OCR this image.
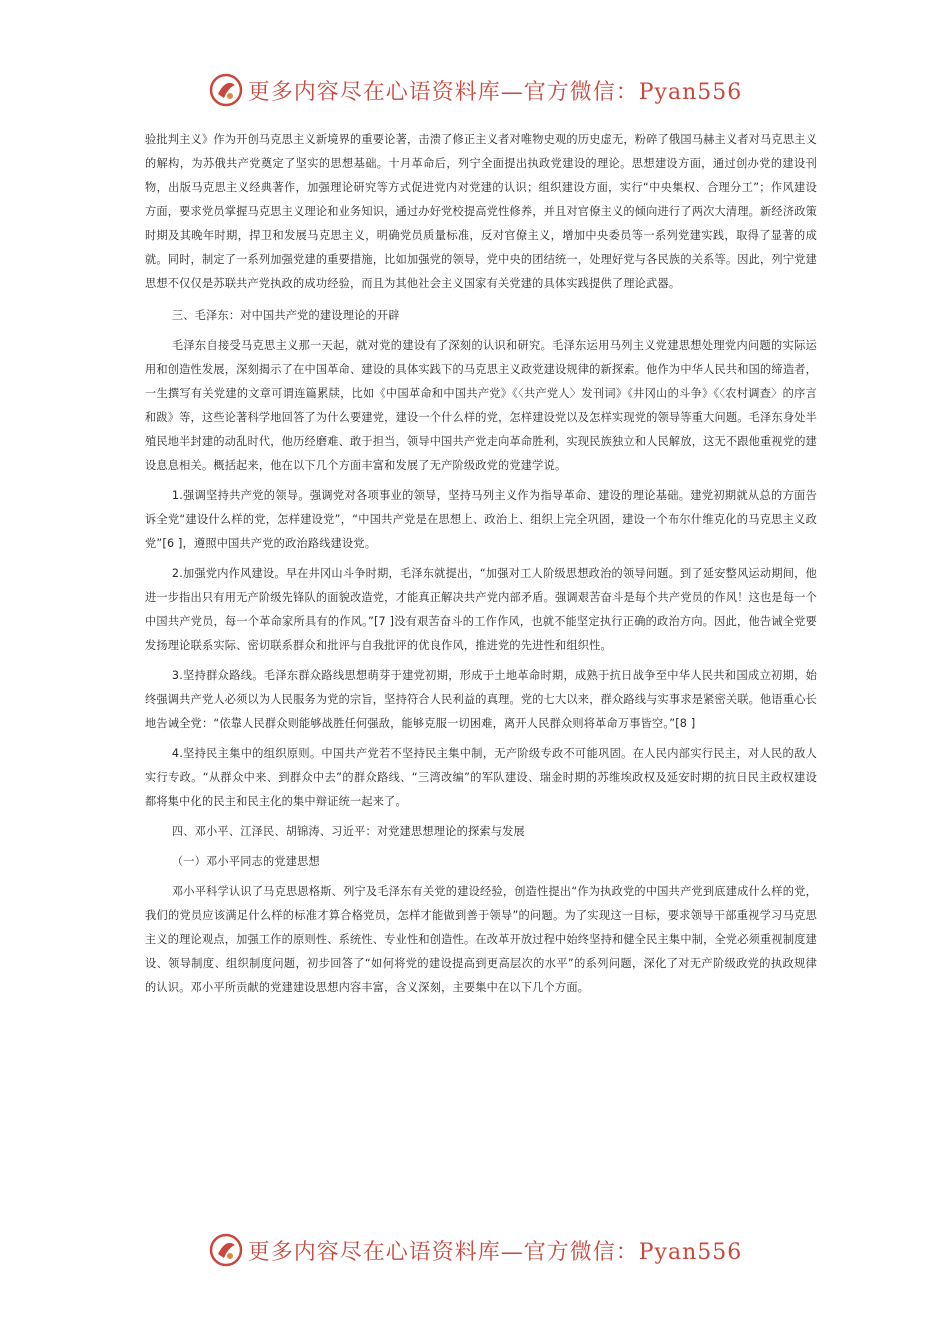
更多内容尽在心语资料库—官方微信：Pyan556

验批判主义》作为开创马克思主义新境界的重要论著，击溃了修正主义者对唯物史观的历史虚无，粉碎了俄国马赫主义者对马克思主义的解构，为苏俄共产党奠定了坚实的思想基础。十月革命后，列宁全面提出执政党建设的理论。思想建设方面，通过创办党的建设刊物，出版马克思主义经典著作，加强理论研究等方式促进党内对党建的认识；组织建设方面，实行“中央集权、合理分工”；作风建设方面，要求党员掌握马克思主义理论和业务知识，通过办好党校提高党性修养，并且对官僚主义的倾向进行了两次大清理。新经济政策时期及其晚年时期，捍卫和发展马克思主义，明确党员质量标准，反对官僚主义，增加中央委员等一系列党建实践，取得了显著的成就。同时，制定了一系列加强党建的重要措施，比如加强党的领导，党中央的团结统一，处理好党与各民族的关系等。因此，列宁党建思想不仅仅是苏联共产党执政的成功经验，而且为其他社会主义国家有关党建的具体实践提供了理论武器。

三、毛泽东：对中国共产党的建设理论的开辟

毛泽东自接受马克思主义那一天起，就对党的建设有了深刻的认识和研究。毛泽东运用马列主义党建思想处理党内问题的实际运用和创造性发展，深刻揭示了在中国革命、建设的具体实践下的马克思主义政党建设规律的新探索。他作为中华人民共和国的缔造者，一生撰写有关党建的文章可谓连篇累牍，比如《中国革命和中国共产党》《〈共产党人〉发刊词》《井冈山的斗争》《〈农村调查〉的序言和跋》等，这些论著科学地回答了为什么要建党，建设一个什么样的党，怎样建设党以及怎样实现党的领导等重大问题。毛泽东身处半殖民地半封建的动乱时代，他历经磨难、敢于担当，领导中国共产党走向革命胜利，实现民族独立和人民解放，这无不跟他重视党的建设息息相关。概括起来，他在以下几个方面丰富和发展了无产阶级政党的党建学说。

1.强调坚持共产党的领导。强调党对各项事业的领导，坚持马列主义作为指导革命、建设的理论基础。建党初期就从总的方面告诉全党“建设什么样的党，怎样建设党”，“中国共产党是在思想上、政治上、组织上完全巩固，建设一个布尔什维克化的马克思主义政党”[6 ]，遵照中国共产党的政治路线建设党。

2.加强党内作风建设。早在井冈山斗争时期，毛泽东就提出，“加强对工人阶级思想政治的领导问题。到了延安整风运动期间，他进一步指出只有用无产阶级先锋队的面貌改造党，才能真正解决共产党内部矛盾。强调艰苦奋斗是每个共产党员的作风！这也是每一个中国共产党员，每一个革命家所具有的作风。”[7 ]没有艰苦奋斗的工作作风，也就不能坚定执行正确的政治方向。因此，他告诫全党要发扬理论联系实际、密切联系群众和批评与自我批评的优良作风，推进党的先进性和组织性。

3.坚持群众路线。毛泽东群众路线思想萌芽于建党初期，形成于土地革命时期，成熟于抗日战争至中华人民共和国成立初期，始终强调共产党人必须以为人民服务为党的宗旨，坚持符合人民利益的真理。党的七大以来，群众路线与实事求是紧密关联。他语重心长地告诫全党：“依靠人民群众则能够战胜任何强敌，能够克服一切困难，离开人民群众则将革命万事皆空。”[8 ]

4.坚持民主集中的组织原则。中国共产党若不坚持民主集中制，无产阶级专政不可能巩固。在人民内部实行民主，对人民的敌人实行专政。“从群众中来、到群众中去”的群众路线、“三湾改编”的军队建设、瑞金时期的苏维埃政权及延安时期的抗日民主政权建设都将集中化的民主和民主化的集中辩证统一起来了。

四、邓小平、江泽民、胡锦涛、习近平：对党建思想理论的探索与发展
（一）邓小平同志的党建思想

邓小平科学认识了马克思恩格斯、列宁及毛泽东有关党的建设经验，创造性提出“作为执政党的中国共产党到底建成什么样的党，我们的党员应该满足什么样的标准才算合格党员，怎样才能做到善于领导”的问题。为了实现这一目标，要求领导干部重视学习马克思主义的理论观点，加强工作的原则性、系统性、专业性和创造性。在改革开放过程中始终坚持和健全民主集中制，全党必须重视制度建设、领导制度、组织制度问题，初步回答了“如何将党的建设提高到更高层次的水平”的系列问题，深化了对无产阶级政党的执政规律的认识。邓小平所贡献的党建建设思想内容丰富，含义深刻，主要集中在以下几个方面。

更多内容尽在心语资料库—官方微信：Pyan556
